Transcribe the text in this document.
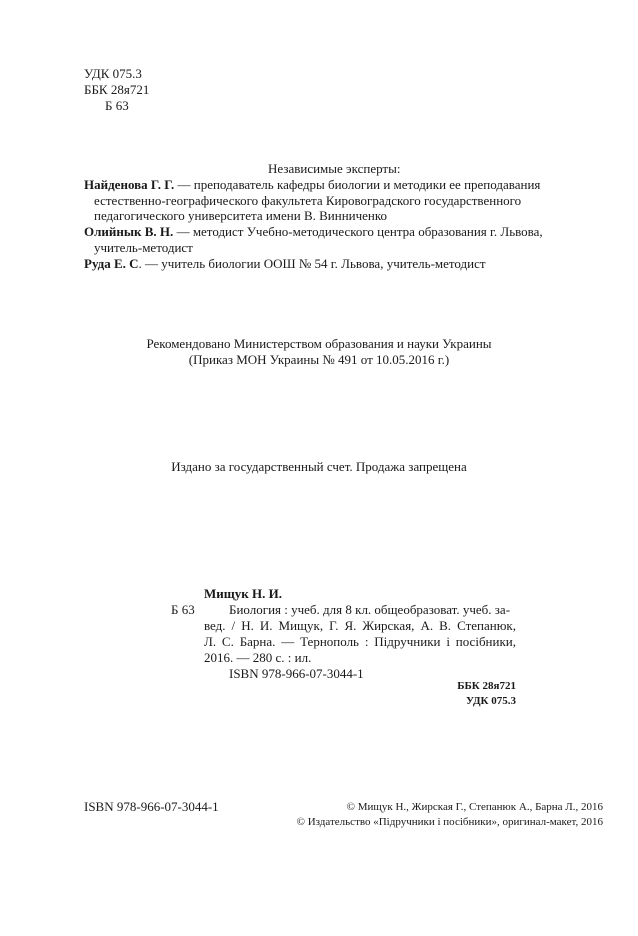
УДК 075.3
ББК 28я721
Б 63
Независимые эксперты:
Найденова Г. Г. — преподаватель кафедры биологии и методики ее преподавания
естественно-географического факультета Кировоградского государственного
педагогического университета имени В. Винниченко
Олийнык В. Н. — методист Учебно-методического центра образования г. Львова,
учитель-методист
Руда Е. С. — учитель биологии ООШ № 54 г. Львова, учитель-методист
Рекомендовано Министерством образования и науки Украины
(Приказ МОН Украины № 491 от 10.05.2016 г.)
Издано за государственный счет. Продажа запрещена
Мищук Н. И.
Б 63	Биология : учеб. для 8 кл. общеобразоват. учеб. за-
вед. / Н. И. Мищук, Г. Я. Жирская, А. В. Степанюк,
Л. С. Барна. — Тернополь : Підручники і посібники,
2016. — 280 с. : ил.
ISBN 978-966-07-3044-1
ББК 28я721
УДК 075.3
ISBN 978-966-07-3044-1	© Мищук Н., Жирская Г., Степанюк А., Барна Л., 2016
© Издательство «Підручники і посібники», оригинал-макет, 2016
